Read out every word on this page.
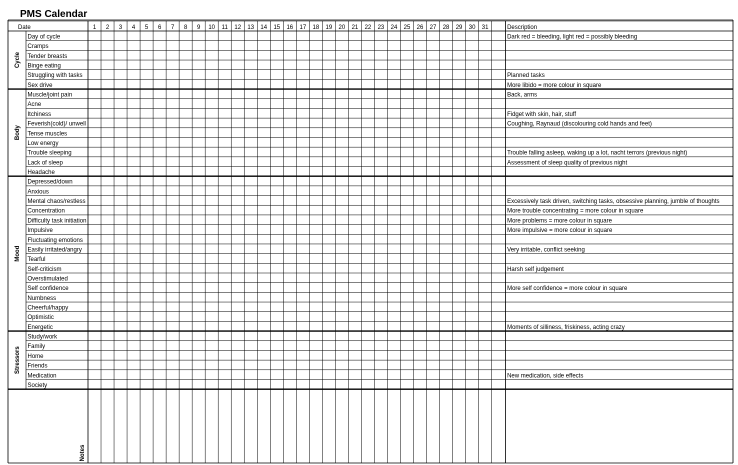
PMS Calendar
Date	1 2 3 4 5 6 7 8 9 10 11 12 13 14 15 16 17 18 19 20 21 22 23 24 25 26 27 28 29 30 31	Description
Day of cycle	Dark red = bleeding, light red = possibly bleeding
Cramps
Tender breasts
Binge eating
Struggling with tasks	Planned tasks
Sex drive	More libido = more colour in square
Cycle
Muscle/joint pain	Back, arms
Acne
Itchiness	Fidget with skin, hair, stuff
Feverish(cold)/ unwell	Coughing, Raynaud (discolouring cold hands and feet)
Tense muscles
Low energy
Trouble sleeping	Trouble falling asleep, waking up a lot, nacht terrors (previous night)
Lack of sleep	Assessment of sleep quality of previous night
Headache
Body
Depressed/down
Anxious
Mental chaos/restless	Excessively task driven, switching tasks, obsessive planning, jumble of thoughts
Concentration	More trouble concentrating = more colour in square
Difficulty task initiation	More problems = more colour in square
Impulsive	More impulsive = more colour in square
Fluctuating emotions
Easily irritated/angry	Very irritable, conflict seeking
Tearful
Self-criticism	Harsh self judgement
Overstimulated
Self confidence	More self confidence = more colour in square
Numbness
Cheerful/happy
Optimistic
Energetic	Moments of silliness, friskiness, acting crazy
Mood
Study/work
Family
Home
Friends
Medication	New medication, side effects
Society
Stressors
Notes
